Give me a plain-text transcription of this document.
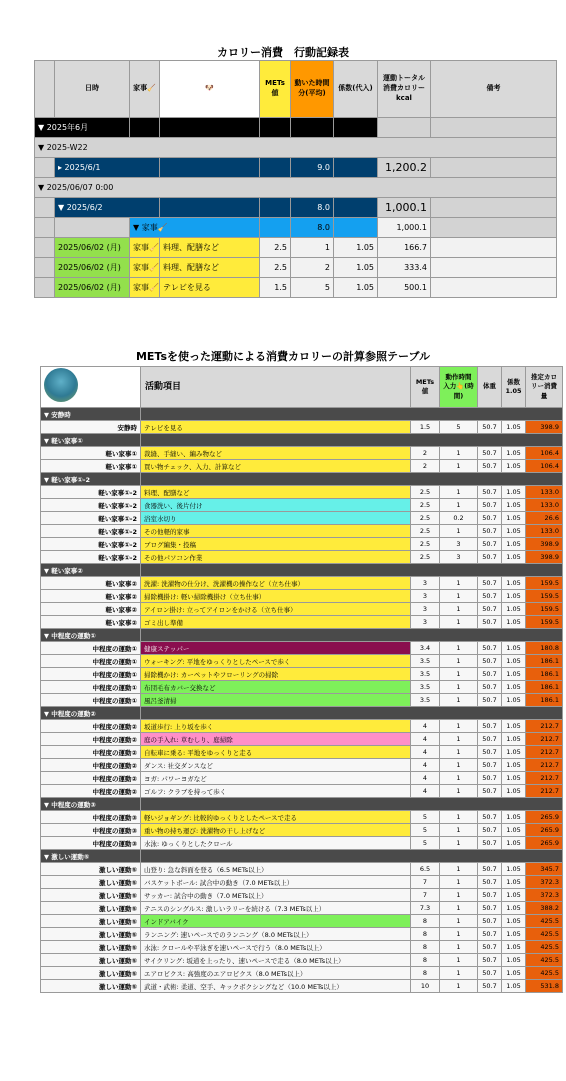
カロリー消費　行動記録表
	日時	家事🧹	🐶	METs値	動いた時間分(平均)	係数(代入)	運動トータル消費カロリーkcal	備考
▼ 2025年6月								
▼ 2025-W22								
	▸ 2025/6/1				9.0		1,200.2	
▼ 2025/06/07 0:00								
	▼ 2025/6/2				8.0		1,000.1	
		▼ 家事🧹			8.0		1,000.1	
	2025/06/02 (月)	家事🧹	料理、配膳など	2.5	1	1.05	166.7	
	2025/06/02 (月)	家事🧹	料理、配膳など	2.5	2	1.05	333.4	
	2025/06/02 (月)	家事🧹	テレビを見る	1.5	5	1.05	500.1	
METsを使った運動による消費カロリーの計算参照テーブル
	活動項目	METs値	動作時間入力👆(時間)	体重	係数1.05	推定カロリー消費量
▼ 安静時						
安静時	テレビを見る	1.5	5	50.7	1.05	398.9
▼ 軽い家事①						
軽い家事①	裁縫、手縫い、編み物など	2	1	50.7	1.05	106.4
軽い家事①	買い物チェック、入力、計算など	2	1	50.7	1.05	106.4
▼ 軽い家事①-2						
軽い家事①-2	料理、配膳など	2.5	1	50.7	1.05	133.0
軽い家事①-2	食器洗い、後片付け	2.5	1	50.7	1.05	133.0
軽い家事①-2	浴室水切り	2.5	0.2	50.7	1.05	26.6
軽い家事①-2	その他軽的家事	2.5	1	50.7	1.05	133.0
軽い家事①-2	ブログ編集・投稿	2.5	3	50.7	1.05	398.9
軽い家事①-2	その他パソコン作業	2.5	3	50.7	1.05	398.9
▼ 軽い家事②						
軽い家事②	洗濯: 洗濯物の仕分け、洗濯機の操作など（立ち仕事）	3	1	50.7	1.05	159.5
軽い家事②	掃除機掛け: 軽い掃除機掛け（立ち仕事）	3	1	50.7	1.05	159.5
軽い家事②	アイロン掛け: 立ってアイロンをかける（立ち仕事）	3	1	50.7	1.05	159.5
軽い家事②	ゴミ出し準備	3	1	50.7	1.05	159.5
▼ 中程度の運動①						
中程度の運動①	健康ステッパー	3.4	1	50.7	1.05	180.8
中程度の運動①	ウォーキング: 平地をゆっくりとしたペースで歩く	3.5	1	50.7	1.05	186.1
中程度の運動①	掃除機かけ: カーペットやフローリングの掃除	3.5	1	50.7	1.05	186.1
中程度の運動①	布団毛布カバー交換など	3.5	1	50.7	1.05	186.1
中程度の運動①	風呂釜清掃	3.5	1	50.7	1.05	186.1
▼ 中程度の運動②						
中程度の運動②	坂道歩行: 上り坂を歩く	4	1	50.7	1.05	212.7
中程度の運動②	庭の手入れ: 草むしり、庭掃除	4	1	50.7	1.05	212.7
中程度の運動②	自転車に乗る: 平地をゆっくりと走る	4	1	50.7	1.05	212.7
中程度の運動②	ダンス: 社交ダンスなど	4	1	50.7	1.05	212.7
中程度の運動②	ヨガ: パワーヨガなど	4	1	50.7	1.05	212.7
中程度の運動②	ゴルフ: クラブを持って歩く	4	1	50.7	1.05	212.7
▼ 中程度の運動③						
中程度の運動③	軽いジョギング: 比較的ゆっくりとしたペースで走る	5	1	50.7	1.05	265.9
中程度の運動③	重い物の持ち運び: 洗濯物の干し上げなど	5	1	50.7	1.05	265.9
中程度の運動③	水泳: ゆっくりとしたクロール	5	1	50.7	1.05	265.9
▼ 激しい運動⑤						
激しい運動⑤	山登り: 急な斜面を登る（6.5 METs以上）	6.5	1	50.7	1.05	345.7
激しい運動⑤	バスケットボール: 試合中の動き（7.0 METs以上）	7	1	50.7	1.05	372.3
激しい運動⑤	サッカー: 試合中の動き（7.0 METs以上）	7	1	50.7	1.05	372.3
激しい運動⑤	テニスのシングルス: 激しいラリーを続ける（7.3 METs以上）	7.3	1	50.7	1.05	388.2
激しい運動⑤	インドアバイク	8	1	50.7	1.05	425.5
激しい運動⑤	ランニング: 速いペースでのランニング（8.0 METs以上）	8	1	50.7	1.05	425.5
激しい運動⑤	水泳: クロールや平泳ぎを速いペースで行う（8.0 METs以上）	8	1	50.7	1.05	425.5
激しい運動⑤	サイクリング: 坂道を上ったり、速いペースで走る（8.0 METs以上）	8	1	50.7	1.05	425.5
激しい運動⑤	エアロビクス: 高強度のエアロビクス（8.0 METs以上）	8	1	50.7	1.05	425.5
激しい運動⑤	武道・武術: 柔道、空手、キックボクシングなど（10.0 METs以上）	10	1	50.7	1.05	531.8
